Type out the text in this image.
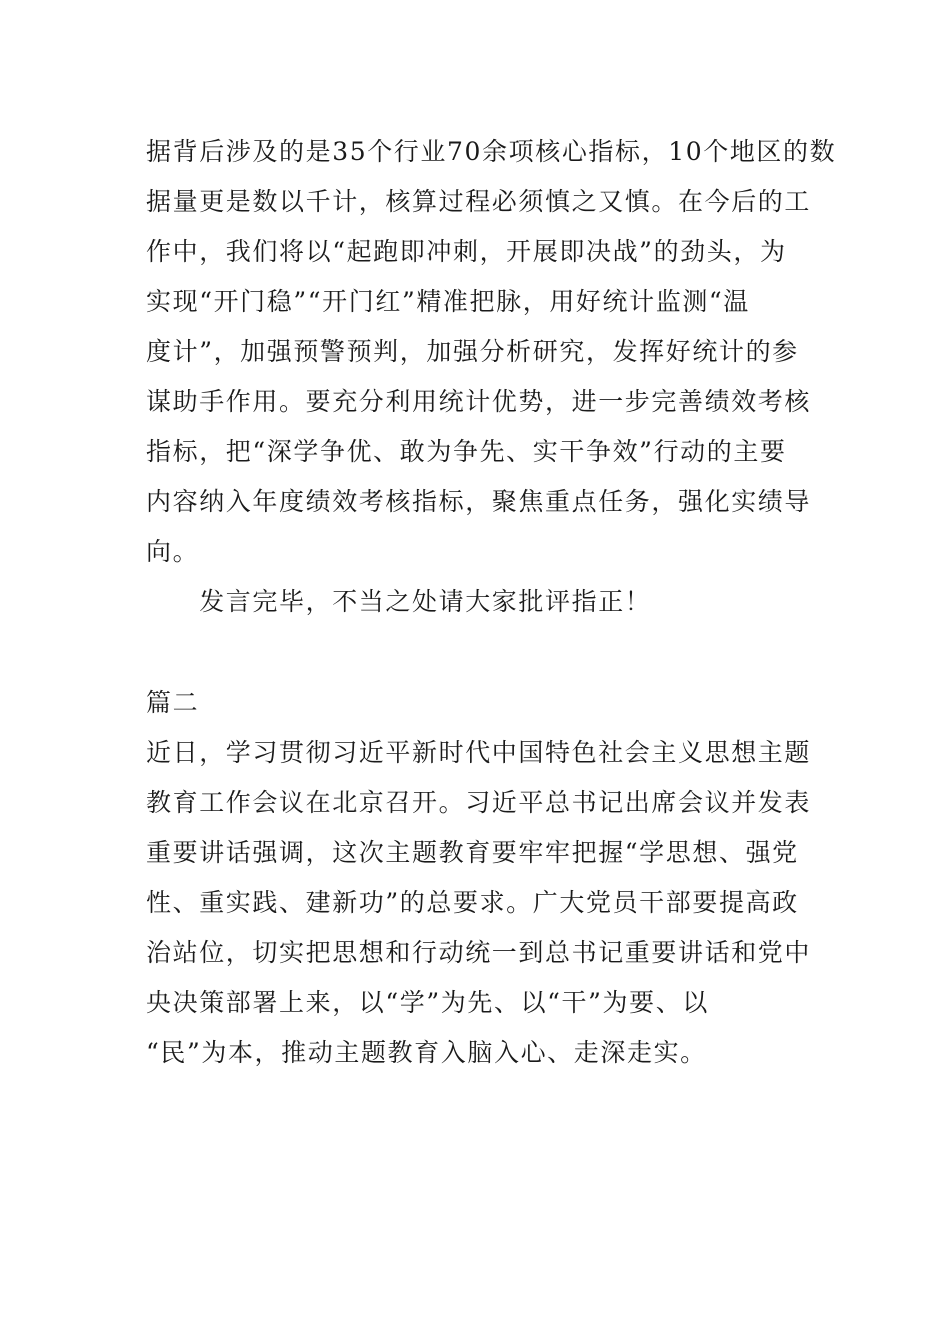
据背后涉及的是35个行业70余项核心指标，10个地区的数
据量更是数以千计，核算过程必须慎之又慎。在今后的工
作中，我们将以“起跑即冲刺，开展即决战”的劲头，为
实现“开门稳”“开门红”精准把脉，用好统计监测“温
度计”，加强预警预判，加强分析研究，发挥好统计的参
谋助手作用。要充分利用统计优势，进一步完善绩效考核
指标，把“深学争优、敢为争先、实干争效”行动的主要
内容纳入年度绩效考核指标，聚焦重点任务，强化实绩导
向。
　　发言完毕，不当之处请大家批评指正！
篇二
近日，学习贯彻习近平新时代中国特色社会主义思想主题
教育工作会议在北京召开。习近平总书记出席会议并发表
重要讲话强调，这次主题教育要牢牢把握“学思想、强党
性、重实践、建新功”的总要求。广大党员干部要提高政
治站位，切实把思想和行动统一到总书记重要讲话和党中
央决策部署上来，以“学”为先、以“干”为要、以
“民”为本，推动主题教育入脑入心、走深走实。
